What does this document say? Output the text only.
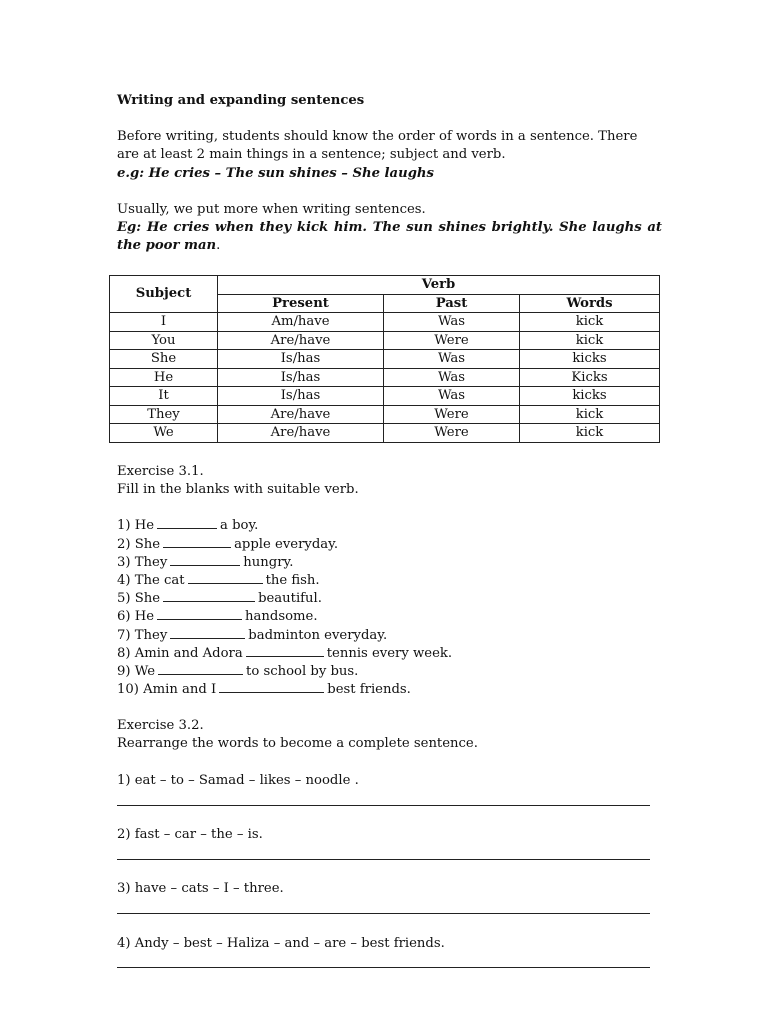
Writing and expanding sentences

Before writing, students should know the order of words in a sentence. There are at least 2 main things in a sentence; subject and verb.

e.g: He cries – The sun shines – She laughs

Usually, we put more when writing sentences.

Eg: He cries when they kick him. The sun shines brightly. She laughs at the poor man.

Subject	Verb		
	Present	Past	Words
I	Am/have	Was	kick
You	Are/have	Were	kick
She	Is/has	Was	kicks
He	Is/has	Was	Kicks
It	Is/has	Was	kicks
They	Are/have	Were	kick
We	Are/have	Were	kick

Exercise 3.1.

Fill in the blanks with suitable verb.

1) He	a boy.

2) She	apple everyday.

3) They	hungry.

4) The cat	the fish.

5) She	beautiful.

6) He	handsome.

7) They	badminton everyday.

8) Amin and Adora	tennis every week.

9) We	to school by bus.

10) Amin and I	best friends.

Exercise 3.2.

Rearrange the words to become a complete sentence.

1) eat – to – Samad – likes – noodle .
2) fast – car – the – is.
3) have – cats – I – three.
4) Andy – best – Haliza – and – are – best friends.
